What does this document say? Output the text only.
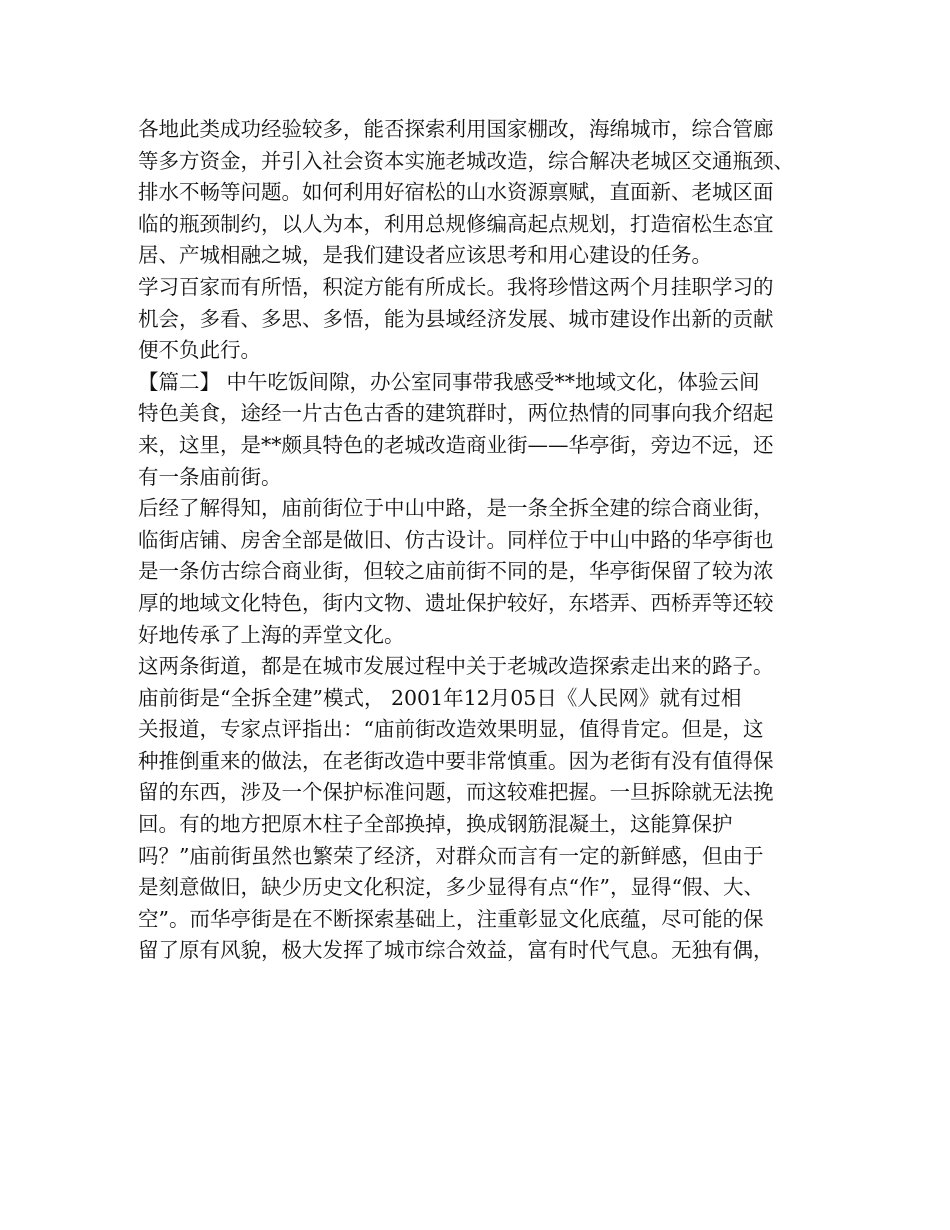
各地此类成功经验较多，能否探索利用国家棚改，海绵城市，综合管廊
等多方资金，并引入社会资本实施老城改造，综合解决老城区交通瓶颈、
排水不畅等问题。如何利用好宿松的山水资源禀赋，直面新、老城区面
临的瓶颈制约，以人为本，利用总规修编高起点规划，打造宿松生态宜
居、产城相融之城，是我们建设者应该思考和用心建设的任务。
学习百家而有所悟，积淀方能有所成长。我将珍惜这两个月挂职学习的
机会，多看、多思、多悟，能为县域经济发展、城市建设作出新的贡献
便不负此行。
【篇二】 中午吃饭间隙，办公室同事带我感受**地域文化，体验云间
特色美食，途经一片古色古香的建筑群时，两位热情的同事向我介绍起
来，这里，是**颇具特色的老城改造商业街——华亭街，旁边不远，还
有一条庙前街。
后经了解得知，庙前街位于中山中路，是一条全拆全建的综合商业街，
临街店铺、房舍全部是做旧、仿古设计。同样位于中山中路的华亭街也
是一条仿古综合商业街，但较之庙前街不同的是，华亭街保留了较为浓
厚的地域文化特色，街内文物、遗址保护较好，东塔弄、西桥弄等还较
好地传承了上海的弄堂文化。
这两条街道，都是在城市发展过程中关于老城改造探索走出来的路子。
庙前街是“全拆全建”模式， 2001年12月05日《人民网》就有过相
关报道，专家点评指出：“庙前街改造效果明显，值得肯定。但是，这
种推倒重来的做法，在老街改造中要非常慎重。因为老街有没有值得保
留的东西，涉及一个保护标准问题，而这较难把握。一旦拆除就无法挽
回。有的地方把原木柱子全部换掉，换成钢筋混凝土，这能算保护
吗？”庙前街虽然也繁荣了经济，对群众而言有一定的新鲜感，但由于
是刻意做旧，缺少历史文化积淀，多少显得有点“作”，显得“假、大、
空”。而华亭街是在不断探索基础上，注重彰显文化底蕴，尽可能的保
留了原有风貌，极大发挥了城市综合效益，富有时代气息。无独有偶，
